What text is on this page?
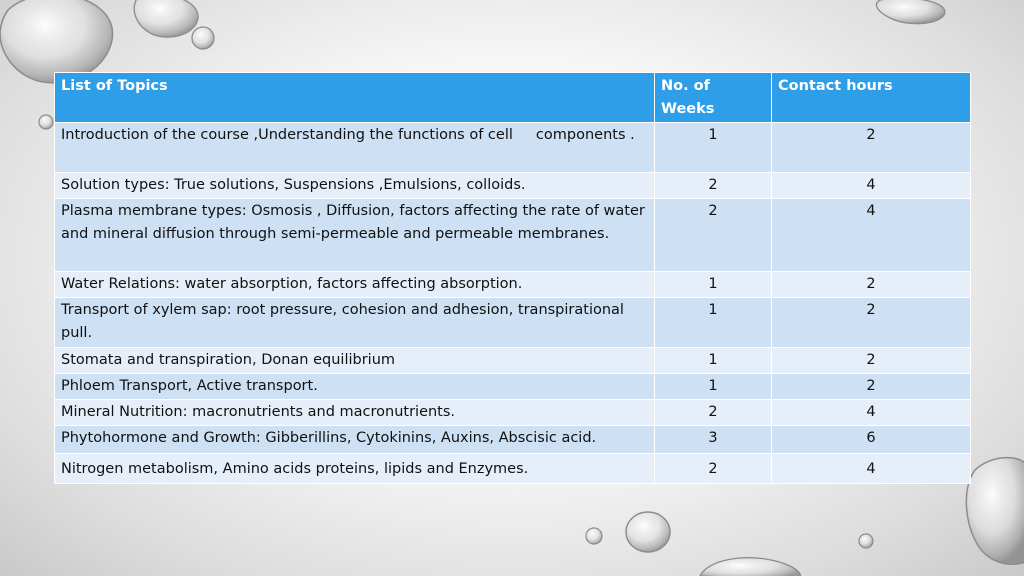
List of Topics	No. of Weeks	Contact hours
Introduction of the course ,Understanding the functions of cell     components .	1	2
Solution types: True solutions, Suspensions ,Emulsions, colloids.	2	4
Plasma membrane types: Osmosis , Diffusion, factors affecting the rate of water and mineral diffusion through semi-permeable and permeable membranes.	2	4
Water Relations: water absorption, factors affecting absorption.	1	2
Transport of xylem sap: root pressure, cohesion and adhesion, transpirational pull.	1	2
Stomata and transpiration, Donan equilibrium	1	2
Phloem Transport, Active transport.	1	2
Mineral Nutrition: macronutrients and macronutrients.	2	4
Phytohormone and Growth: Gibberillins, Cytokinins, Auxins, Abscisic acid.	3	6
Nitrogen metabolism, Amino acids proteins, lipids and Enzymes.	2	4
